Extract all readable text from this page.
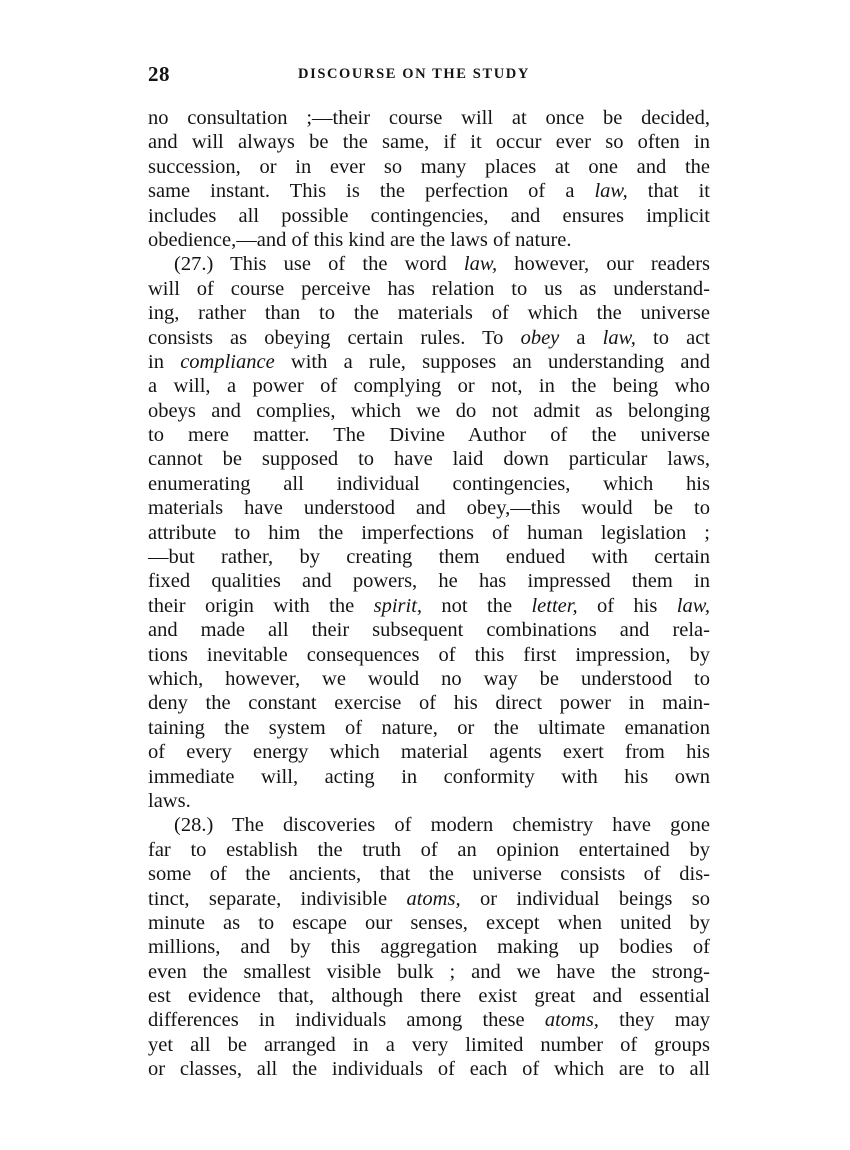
28	DISCOURSE ON THE STUDY
no consultation ;—their course will at once be decided,
and will always be the same, if it occur ever so often in
succession, or in ever so many places at one and the
same instant. This is the perfection of a law, that it
includes all possible contingencies, and ensures implicit
obedience,—and of this kind are the laws of nature.
(27.) This use of the word law, however, our readers
will of course perceive has relation to us as understand-
ing, rather than to the materials of which the universe
consists as obeying certain rules. To obey a law, to act
in compliance with a rule, supposes an understanding and
a will, a power of complying or not, in the being who
obeys and complies, which we do not admit as belonging
to mere matter. The Divine Author of the universe
cannot be supposed to have laid down particular laws,
enumerating all individual contingencies, which his
materials have understood and obey,—this would be to
attribute to him the imperfections of human legislation ;
—but rather, by creating them endued with certain
fixed qualities and powers, he has impressed them in
their origin with the spirit, not the letter, of his law,
and made all their subsequent combinations and rela-
tions inevitable consequences of this first impression, by
which, however, we would no way be understood to
deny the constant exercise of his direct power in main-
taining the system of nature, or the ultimate emanation
of every energy which material agents exert from his
immediate will, acting in conformity with his own
laws.
(28.) The discoveries of modern chemistry have gone
far to establish the truth of an opinion entertained by
some of the ancients, that the universe consists of dis-
tinct, separate, indivisible atoms, or individual beings so
minute as to escape our senses, except when united by
millions, and by this aggregation making up bodies of
even the smallest visible bulk ; and we have the strong-
est evidence that, although there exist great and essential
differences in individuals among these atoms, they may
yet all be arranged in a very limited number of groups
or classes, all the individuals of each of which are to all
